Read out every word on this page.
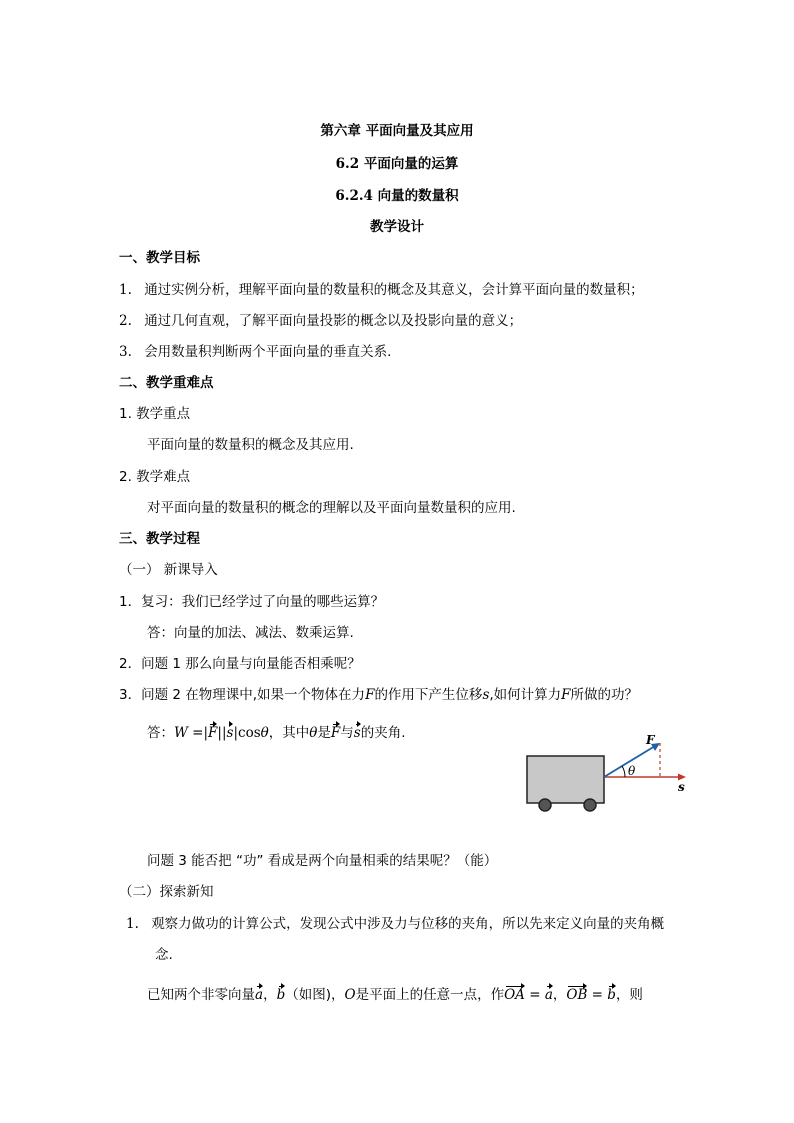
第六章 平面向量及其应用
6.2 平面向量的运算
6.2.4 向量的数量积
教学设计
一、教学目标
1. 通过实例分析，理解平面向量的数量积的概念及其意义，会计算平面向量的数量积；
2. 通过几何直观，了解平面向量投影的概念以及投影向量的意义；
3. 会用数量积判断两个平面向量的垂直关系.
二、教学重难点
1. 教学重点
平面向量的数量积的概念及其应用.
2. 教学难点
对平面向量的数量积的概念的理解以及平面向量数量积的应用.
三、教学过程
（一） 新课导入
1．复习：我们已经学过了向量的哪些运算？
答：向量的加法、减法、数乘运算.
2．问题 1 那么向量与向量能否相乘呢？
3．问题 2 在物理课中,如果一个物体在力F的作用下产生位移s,如何计算力F所做的功？
答：W =|F||s|cosθ，其中θ是F与s的夹角.
θ
F
s
问题 3 能否把 “功” 看成是两个向量相乘的结果呢？（能）
（二）探索新知
1. 观察力做功的计算公式，发现公式中涉及力与位移的夹角，所以先来定义向量的夹角概
念.
已知两个非零向量a，b（如图)，O是平面上的任意一点，作OA = a，OB = b，则
